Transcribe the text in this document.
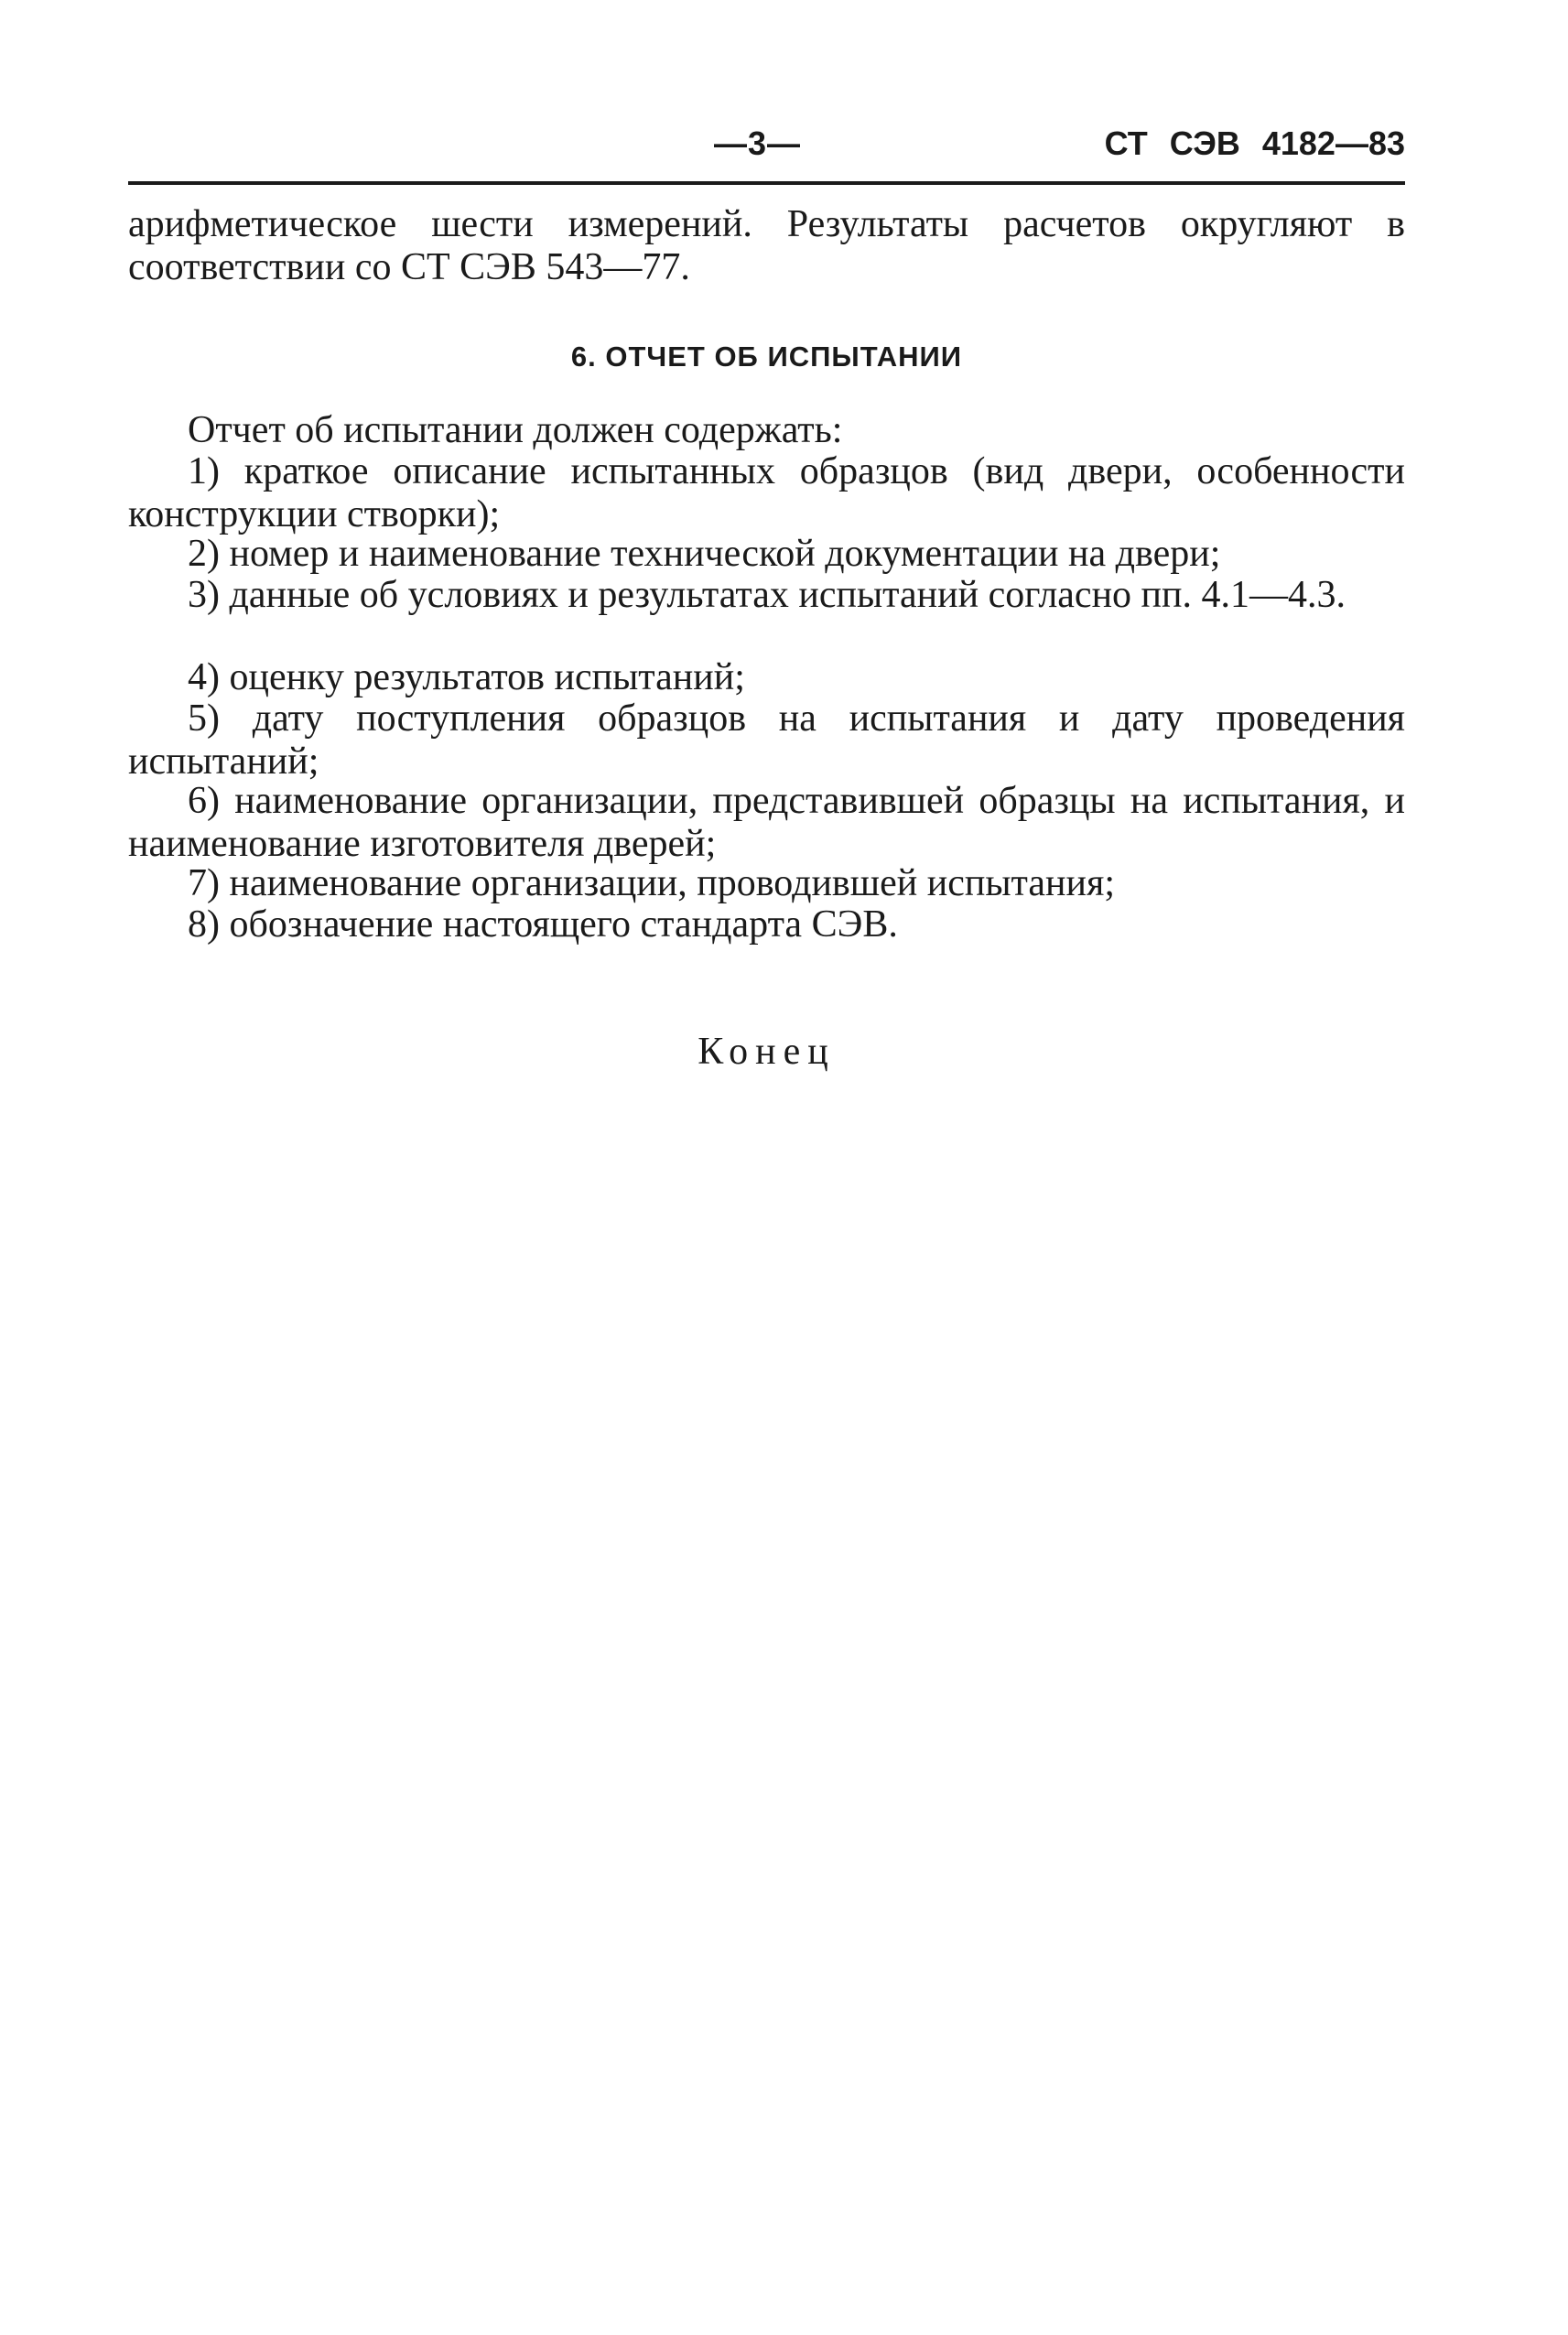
—3—	СТ СЭВ 4182—83

арифметическое шести измерений. Результаты расчетов округляют в соответствии со СТ СЭВ 543—77.

6. ОТЧЕТ ОБ ИСПЫТАНИИ

Отчет об испытании должен содержать:

1) краткое описание испытанных образцов (вид двери, особенности конструкции створки);

2) номер и наименование технической документации на двери;

3) данные об условиях и результатах испытаний согласно пп. 4.1—4.3.

4) оценку результатов испытаний;

5) дату поступления образцов на испытания и дату проведения испытаний;

6) наименование организации, представившей образцы на испытания, и наименование изготовителя дверей;

7) наименование организации, проводившей испытания;

8) обозначение настоящего стандарта СЭВ.

Конец
